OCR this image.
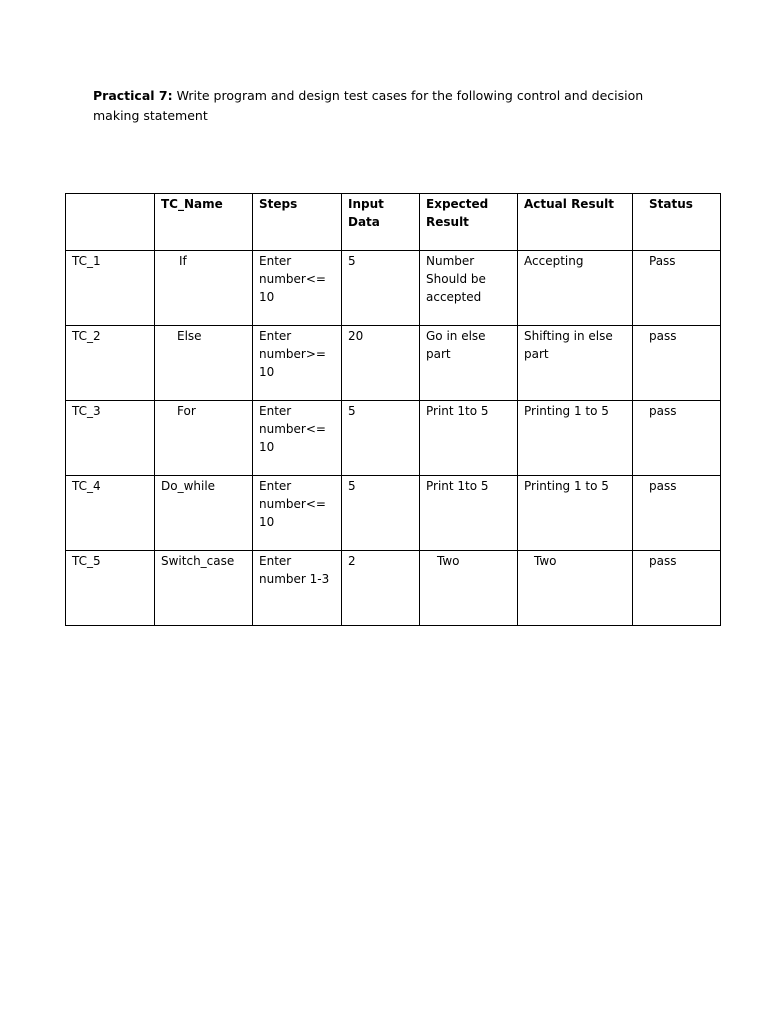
Practical 7: Write program and design test cases for the following control and decision making statement
	TC_Name	Steps	Input Data	Expected Result	Actual Result	Status
TC_1	If	Enter number<= 10	5	Number Should be accepted	Accepting	Pass
TC_2	Else	Enter number>= 10	20	Go in else part	Shifting in else part	pass
TC_3	For	Enter number<= 10	5	Print 1to 5	Printing 1 to 5	pass
TC_4	Do_while	Enter number<= 10	5	Print 1to 5	Printing 1 to 5	pass
TC_5	Switch_case	Enter number 1-3	2	Two	Two	pass
